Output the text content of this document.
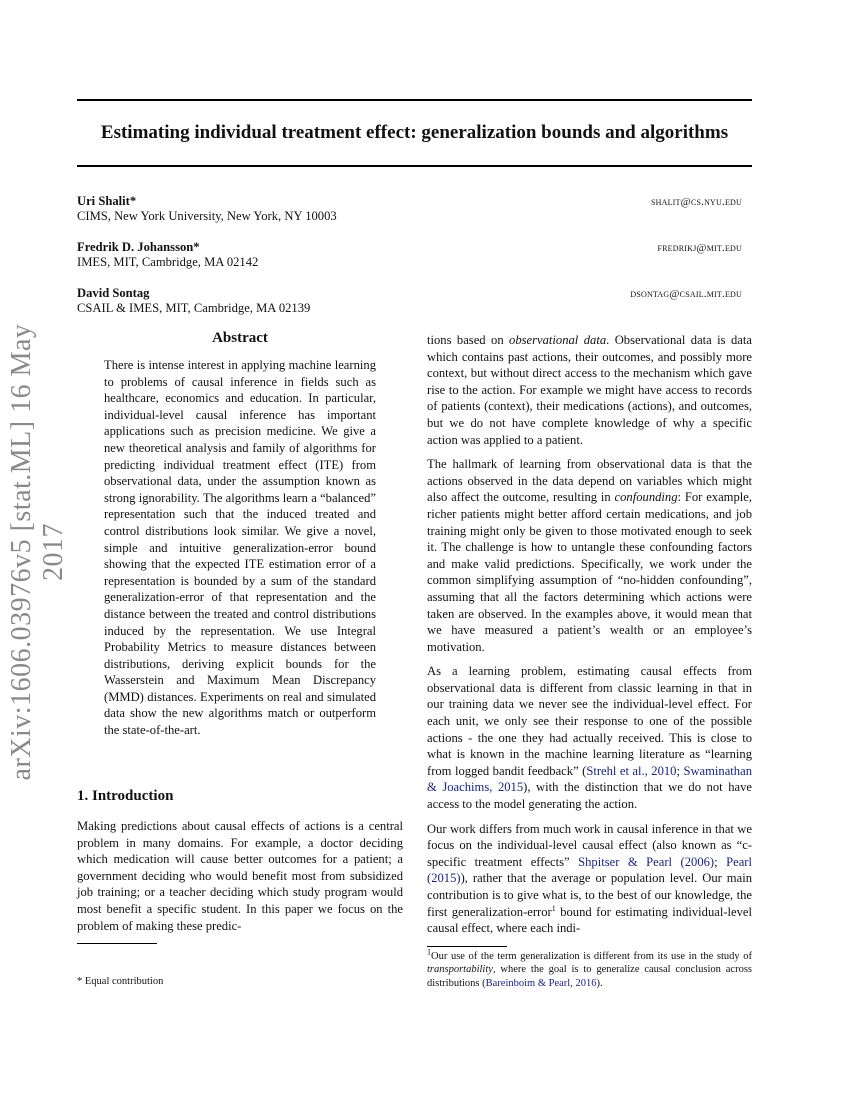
arXiv:1606.03976v5 [stat.ML] 16 May 2017
Estimating individual treatment effect: generalization bounds and algorithms
Uri Shalit*
CIMS, New York University, New York, NY 10003
shalit@cs.nyu.edu
Fredrik D. Johansson*
IMES, MIT, Cambridge, MA 02142
fredrikj@mit.edu
David Sontag
CSAIL & IMES, MIT, Cambridge, MA 02139
dsontag@csail.mit.edu
Abstract
There is intense interest in applying machine learning to problems of causal inference in fields such as healthcare, economics and education. In particular, individual-level causal inference has important applications such as precision medicine. We give a new theoretical analysis and family of algorithms for predicting individual treatment effect (ITE) from observational data, under the assumption known as strong ignorability. The algorithms learn a “balanced” representation such that the induced treated and control distributions look similar. We give a novel, simple and intuitive generalization-error bound showing that the expected ITE estimation error of a representation is bounded by a sum of the standard generalization-error of that representation and the distance between the treated and control distributions induced by the representation. We use Integral Probability Metrics to measure distances between distributions, deriving explicit bounds for the Wasserstein and Maximum Mean Discrepancy (MMD) distances. Experiments on real and simulated data show the new algorithms match or outperform the state-of-the-art.
1. Introduction
Making predictions about causal effects of actions is a central problem in many domains. For example, a doctor deciding which medication will cause better outcomes for a patient; a government deciding who would benefit most from subsidized job training; or a teacher deciding which study program would most benefit a specific student. In this paper we focus on the problem of making these predic-
* Equal contribution

tions based on observational data. Observational data is data which contains past actions, their outcomes, and possibly more context, but without direct access to the mechanism which gave rise to the action. For example we might have access to records of patients (context), their medications (actions), and outcomes, but we do not have complete knowledge of why a specific action was applied to a patient.

The hallmark of learning from observational data is that the actions observed in the data depend on variables which might also affect the outcome, resulting in confounding: For example, richer patients might better afford certain medications, and job training might only be given to those motivated enough to seek it. The challenge is how to untangle these confounding factors and make valid predictions. Specifically, we work under the common simplifying assumption of “no-hidden confounding”, assuming that all the factors determining which actions were taken are observed. In the examples above, it would mean that we have measured a patient’s wealth or an employee’s motivation.

As a learning problem, estimating causal effects from observational data is different from classic learning in that in our training data we never see the individual-level effect. For each unit, we only see their response to one of the possible actions - the one they had actually received. This is close to what is known in the machine learning literature as “learning from logged bandit feedback” (Strehl et al., 2010; Swaminathan & Joachims, 2015), with the distinction that we do not have access to the model generating the action.

Our work differs from much work in causal inference in that we focus on the individual-level causal effect (also known as “c-specific treatment effects” Shpitser & Pearl (2006); Pearl (2015)), rather that the average or population level. Our main contribution is to give what is, to the best of our knowledge, the first generalization-error$^1$ bound for estimating individual-level causal effect, where each indi-

$^1$Our use of the term generalization is different from its use in the study of transportability, where the goal is to generalize causal conclusion across distributions (Bareinboim & Pearl, 2016).
